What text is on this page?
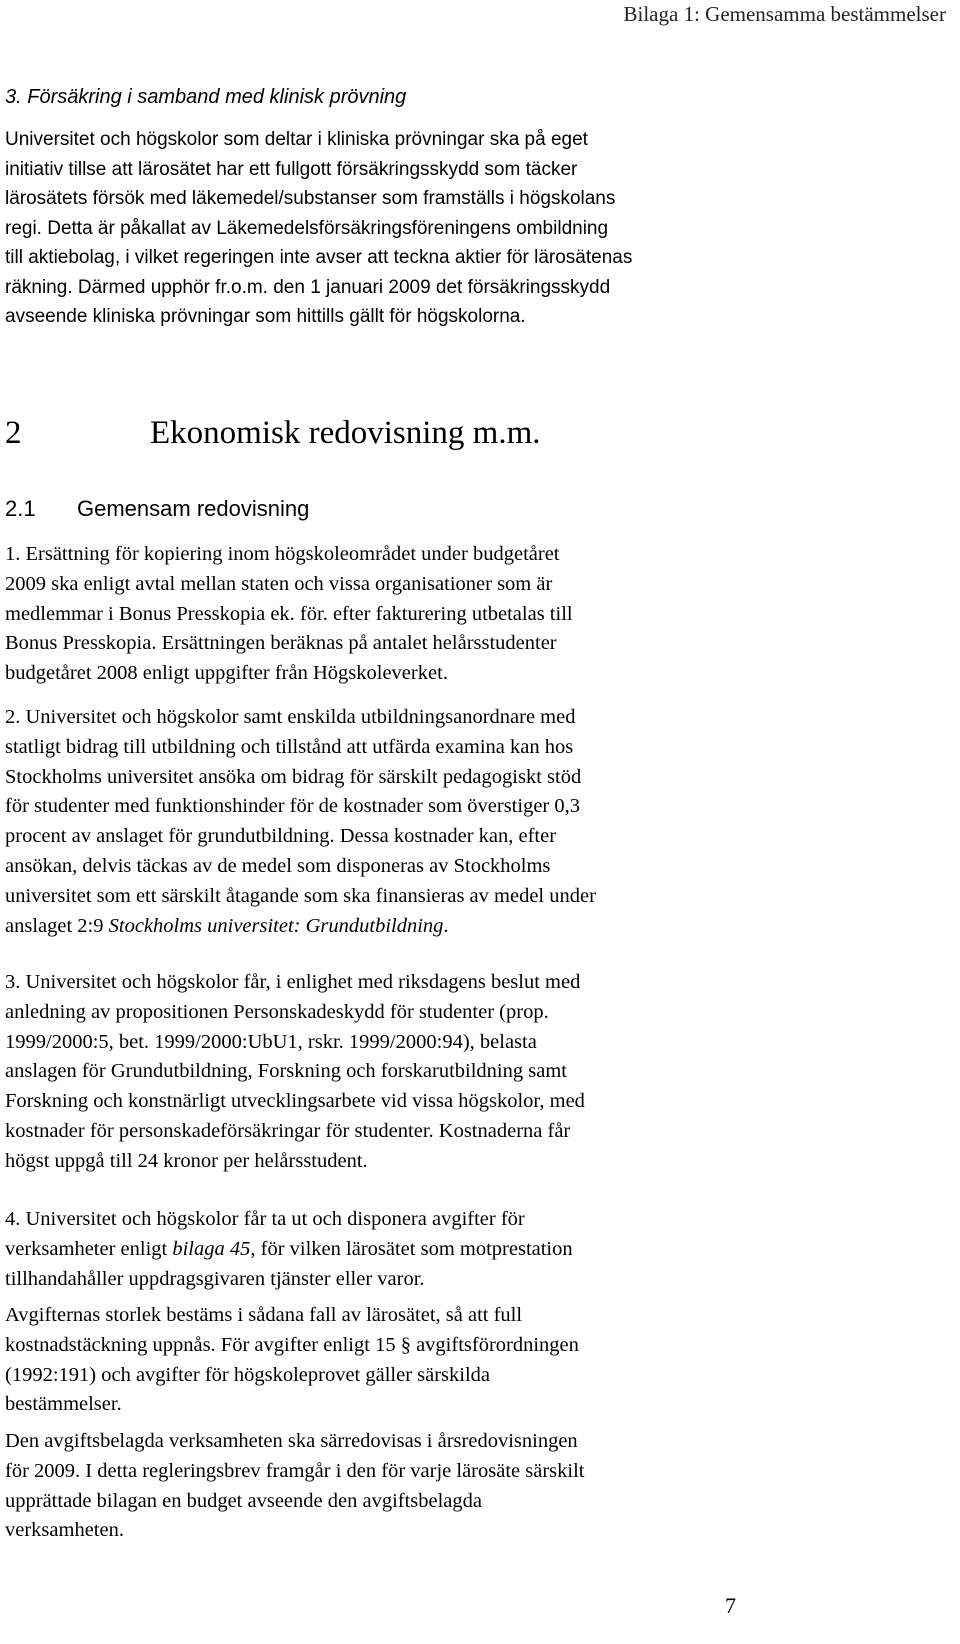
Bilaga 1: Gemensamma bestämmelser
3. Försäkring i samband med klinisk prövning
Universitet och högskolor som deltar i kliniska prövningar ska på eget
initiativ tillse att lärosätet har ett fullgott försäkringsskydd som täcker
lärosätets försök med läkemedel/substanser som framställs i högskolans
regi. Detta är påkallat av Läkemedelsförsäkringsföreningens ombildning
till aktiebolag, i vilket regeringen inte avser att teckna aktier för lärosätenas
räkning. Därmed upphör fr.o.m. den 1 januari 2009 det försäkringsskydd
avseende kliniska prövningar som hittills gällt för högskolorna.
2	Ekonomisk redovisning m.m.
2.1 Gemensam redovisning
1. Ersättning för kopiering inom högskoleområdet under budgetåret
2009 ska enligt avtal mellan staten och vissa organisationer som är
medlemmar i Bonus Presskopia ek. för. efter fakturering utbetalas till
Bonus Presskopia. Ersättningen beräknas på antalet helårsstudenter
budgetåret 2008 enligt uppgifter från Högskoleverket.
2. Universitet och högskolor samt enskilda utbildningsanordnare med
statligt bidrag till utbildning och tillstånd att utfärda examina kan hos
Stockholms universitet ansöka om bidrag för särskilt pedagogiskt stöd
för studenter med funktionshinder för de kostnader som överstiger 0,3
procent av anslaget för grundutbildning. Dessa kostnader kan, efter
ansökan, delvis täckas av de medel som disponeras av Stockholms
universitet som ett särskilt åtagande som ska finansieras av medel under
anslaget 2:9 Stockholms universitet: Grundutbildning.
3. Universitet och högskolor får, i enlighet med riksdagens beslut med
anledning av propositionen Personskadeskydd för studenter (prop.
1999/2000:5, bet. 1999/2000:UbU1, rskr. 1999/2000:94), belasta
anslagen för Grundutbildning, Forskning och forskarutbildning samt
Forskning och konstnärligt utvecklingsarbete vid vissa högskolor, med
kostnader för personskadeförsäkringar för studenter. Kostnaderna får
högst uppgå till 24 kronor per helårsstudent.
4. Universitet och högskolor får ta ut och disponera avgifter för
verksamheter enligt bilaga 45, för vilken lärosätet som motprestation
tillhandahåller uppdragsgivaren tjänster eller varor.
Avgifternas storlek bestäms i sådana fall av lärosätet, så att full
kostnadstäckning uppnås. För avgifter enligt 15 § avgiftsförordningen
(1992:191) och avgifter för högskoleprovet gäller särskilda
bestämmelser.
Den avgiftsbelagda verksamheten ska särredovisas i årsredovisningen
för 2009. I detta regleringsbrev framgår i den för varje lärosäte särskilt
upprättade bilagan en budget avseende den avgiftsbelagda
verksamheten.
7
